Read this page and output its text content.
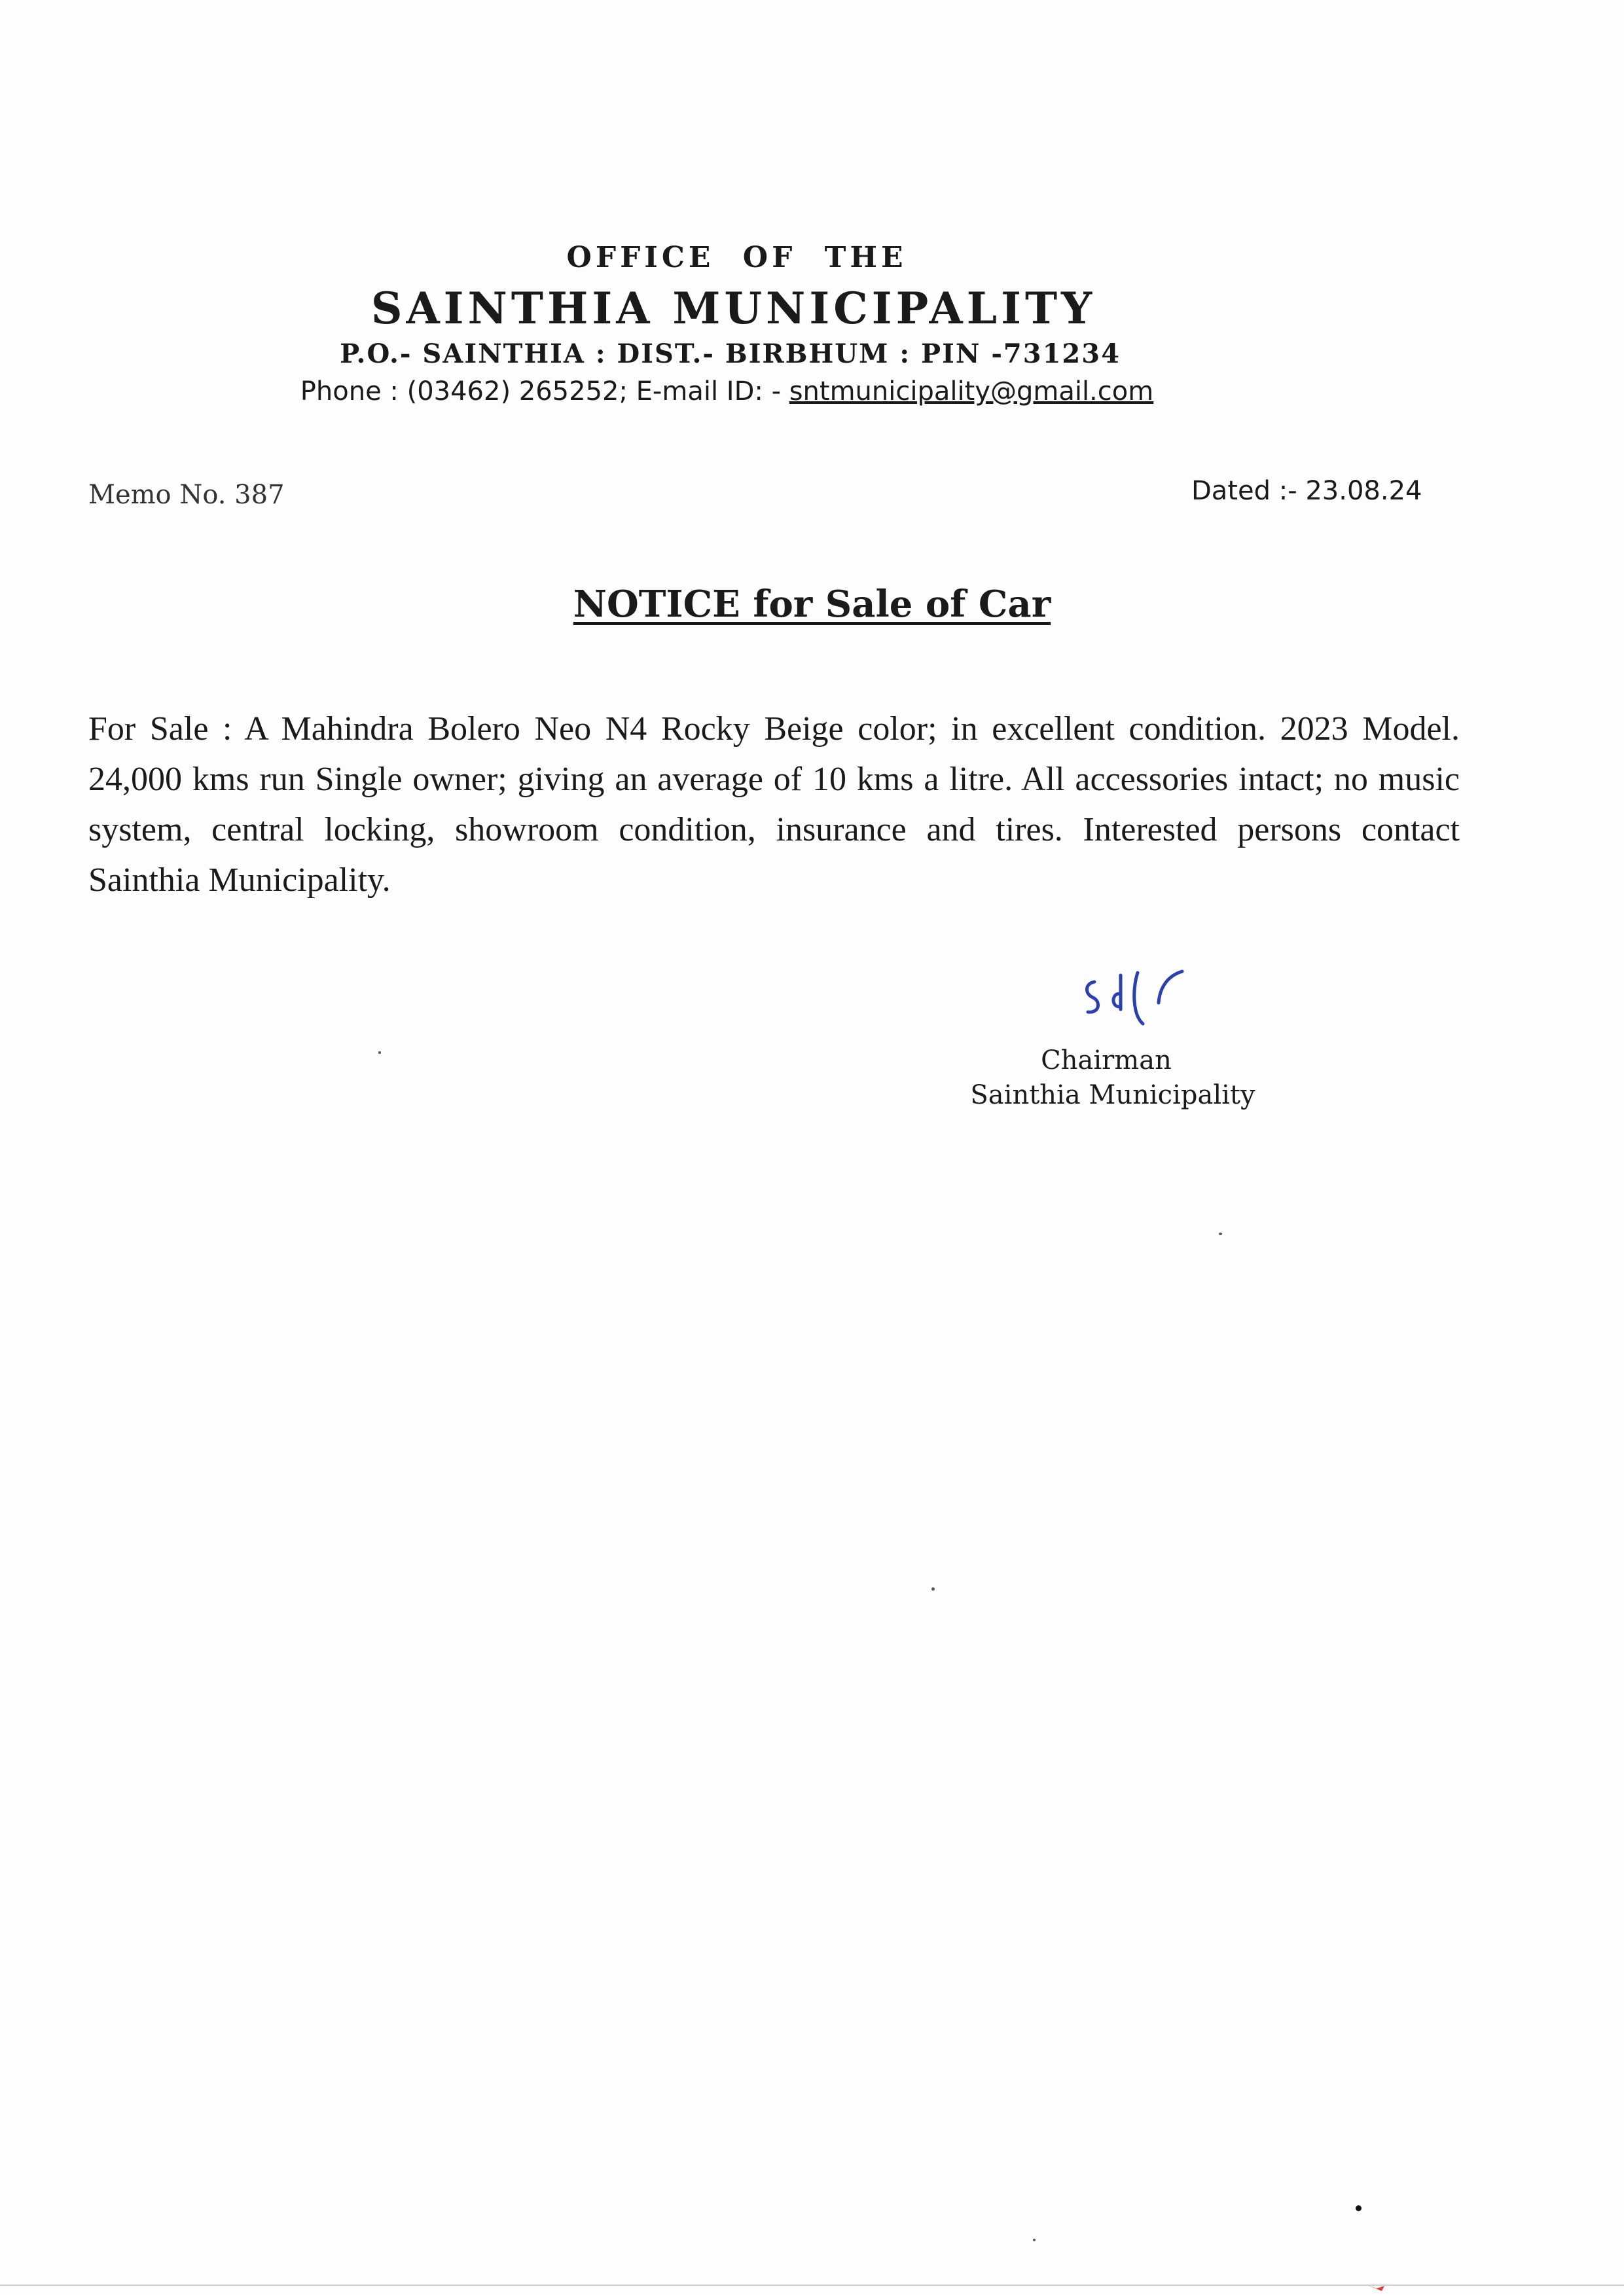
OFFICE OF THE
SAINTHIA MUNICIPALITY
P.O.- SAINTHIA : DIST.- BIRBHUM : PIN -731234
Phone : (03462) 265252; E-mail ID: - sntmunicipality@gmail.com
Memo No. 387	Dated :- 23.08.24
NOTICE for Sale of Car
For Sale : A Mahindra Bolero Neo N4 Rocky Beige color; in excellent condition. 2023 Model. 24,000 kms run Single owner; giving an average of 10 kms a litre. All accessories intact; no music system, central locking, showroom condition, insurance and tires. Interested persons contact Sainthia Municipality.
Chairman
Sainthia Municipality
